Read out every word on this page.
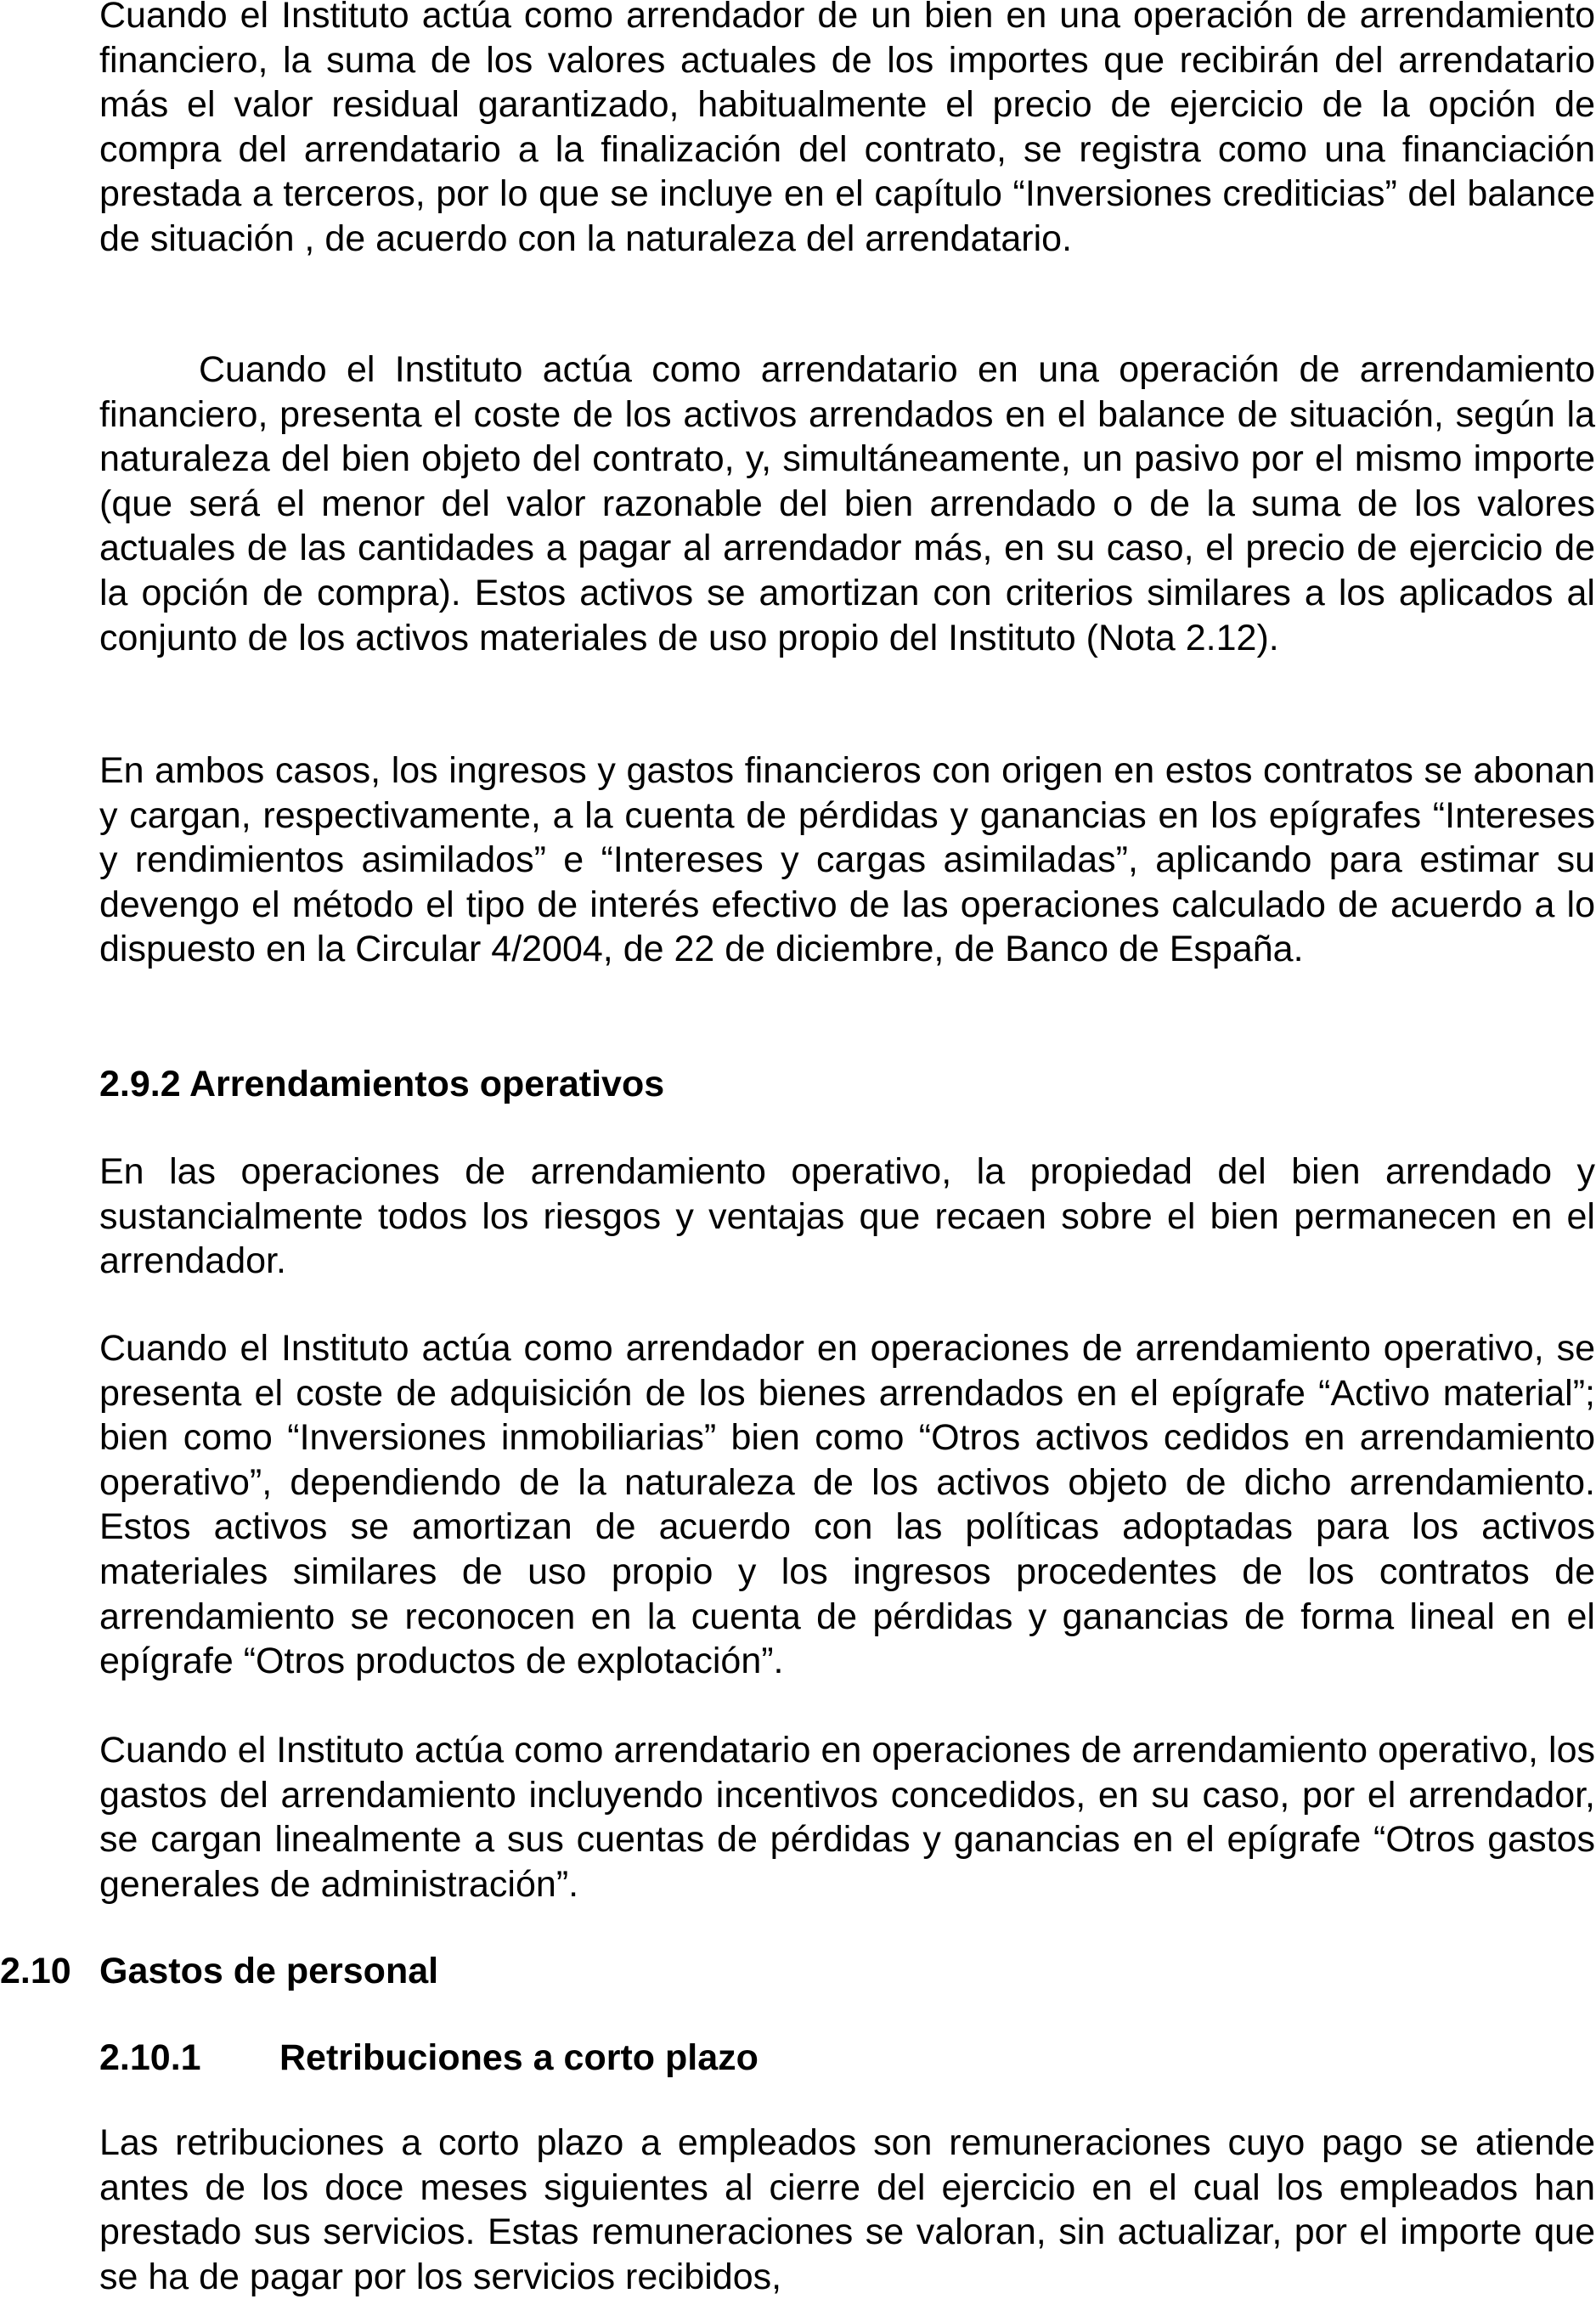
Cuando el Instituto actúa como arrendador de un bien en una operación de arrendamiento financiero, la suma de los valores actuales de los importes que recibirán del arrendatario más el valor residual garantizado, habitualmente el precio de ejercicio de la opción de compra del arrendatario a la finalización del contrato, se registra como una financiación prestada a terceros, por lo que se incluye en el capítulo “Inversiones crediticias” del balance de situación , de acuerdo con la naturaleza del arrendatario.

Cuando el Instituto actúa como arrendatario en una operación de arrendamiento financiero, presenta el coste de los activos arrendados en el balance de situación, según la naturaleza del bien objeto del contrato, y, simultáneamente, un pasivo por el mismo importe (que será el menor del valor razonable del bien arrendado o de la suma de los valores actuales de las cantidades a pagar al arrendador más, en su caso, el precio de ejercicio de la opción de compra). Estos activos se amortizan con criterios similares a los aplicados al conjunto de los activos materiales de uso propio del Instituto (Nota 2.12).

En ambos casos, los ingresos y gastos financieros con origen en estos contratos se abonan y cargan, respectivamente, a la cuenta de pérdidas y ganancias en los epígrafes “Intereses y rendimientos asimilados” e “Intereses y cargas asimiladas”, aplicando para estimar su devengo el método el tipo de interés efectivo de las operaciones calculado de acuerdo a lo dispuesto en la Circular 4/2004, de 22 de diciembre, de Banco de España.

2.9.2 Arrendamientos operativos

En las operaciones de arrendamiento operativo, la propiedad del bien arrendado y sustancialmente todos los riesgos y ventajas que recaen sobre el bien permanecen en el arrendador.

Cuando el Instituto actúa como arrendador en operaciones de arrendamiento operativo, se presenta el coste de adquisición de los bienes arrendados en el epígrafe “Activo material”; bien como “Inversiones inmobiliarias” bien como “Otros activos cedidos en arrendamiento operativo”, dependiendo de la naturaleza de los activos objeto de dicho arrendamiento. Estos activos se amortizan de acuerdo con las políticas adoptadas para los activos materiales similares de uso propio y los ingresos procedentes de los contratos de arrendamiento se reconocen en la cuenta de pérdidas y ganancias de forma lineal en el epígrafe “Otros productos de explotación”.

Cuando el Instituto actúa como arrendatario en operaciones de arrendamiento operativo, los gastos del arrendamiento incluyendo incentivos concedidos, en su caso, por el arrendador, se cargan linealmente a sus cuentas de pérdidas y ganancias en el epígrafe “Otros gastos generales de administración”.

2.10 Gastos de personal
2.10.1 Retribuciones a corto plazo

Las retribuciones a corto plazo a empleados son remuneraciones cuyo pago se atiende antes de los doce meses siguientes al cierre del ejercicio en el cual los empleados han prestado sus servicios. Estas remuneraciones se valoran, sin actualizar, por el importe que se ha de pagar por los servicios recibidos,
